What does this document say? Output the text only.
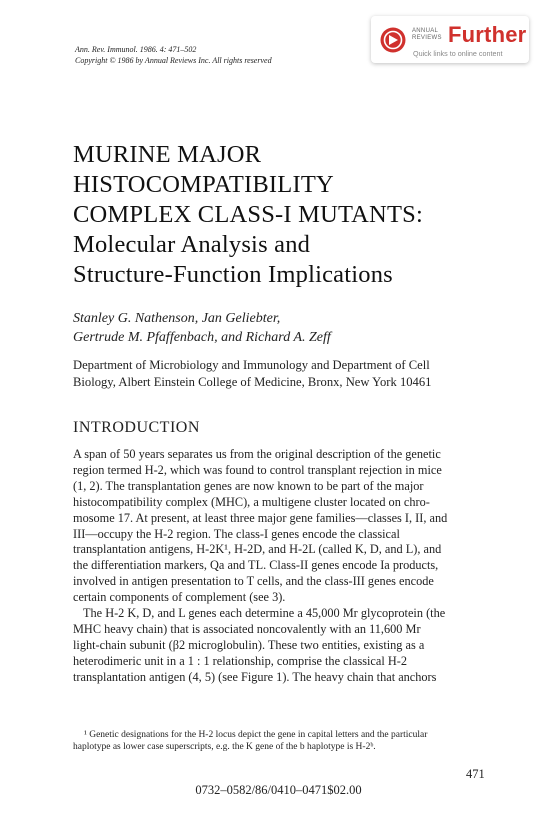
Ann. Rev. Immunol. 1986. 4: 471–502
Copyright © 1986 by Annual Reviews Inc. All rights reserved
ANNUAL
REVIEWS Further
Quick links to online content
MURINE MAJOR
HISTOCOMPATIBILITY
COMPLEX CLASS-I MUTANTS:
Molecular Analysis and
Structure-Function Implications
Stanley G. Nathenson, Jan Geliebter,
Gertrude M. Pfaffenbach, and Richard A. Zeff
Department of Microbiology and Immunology and Department of Cell
Biology, Albert Einstein College of Medicine, Bronx, New York 10461
INTRODUCTION
A span of 50 years separates us from the original description of the genetic
region termed H-2, which was found to control transplant rejection in mice
(1, 2). The transplantation genes are now known to be part of the major
histocompatibility complex (MHC), a multigene cluster located on chro-
mosome 17. At present, at least three major gene families—classes I, II, and
III—occupy the H-2 region. The class-I genes encode the classical
transplantation antigens, H-2K¹, H-2D, and H-2L (called K, D, and L), and
the differentiation markers, Qa and TL. Class-II genes encode Ia products,
involved in antigen presentation to T cells, and the class-III genes encode
certain components of complement (see 3).
The H-2 K, D, and L genes each determine a 45,000 Mr glycoprotein (the
MHC heavy chain) that is associated noncovalently with an 11,600 Mr
light-chain subunit (β2 microglobulin). These two entities, existing as a
heterodimeric unit in a 1 : 1 relationship, comprise the classical H-2
transplantation antigen (4, 5) (see Figure 1). The heavy chain that anchors
¹ Genetic designations for the H-2 locus depict the gene in capital letters and the particular
haplotype as lower case superscripts, e.g. the K gene of the b haplotype is H-2ᵇ.
471
0732–0582/86/0410–0471$02.00
